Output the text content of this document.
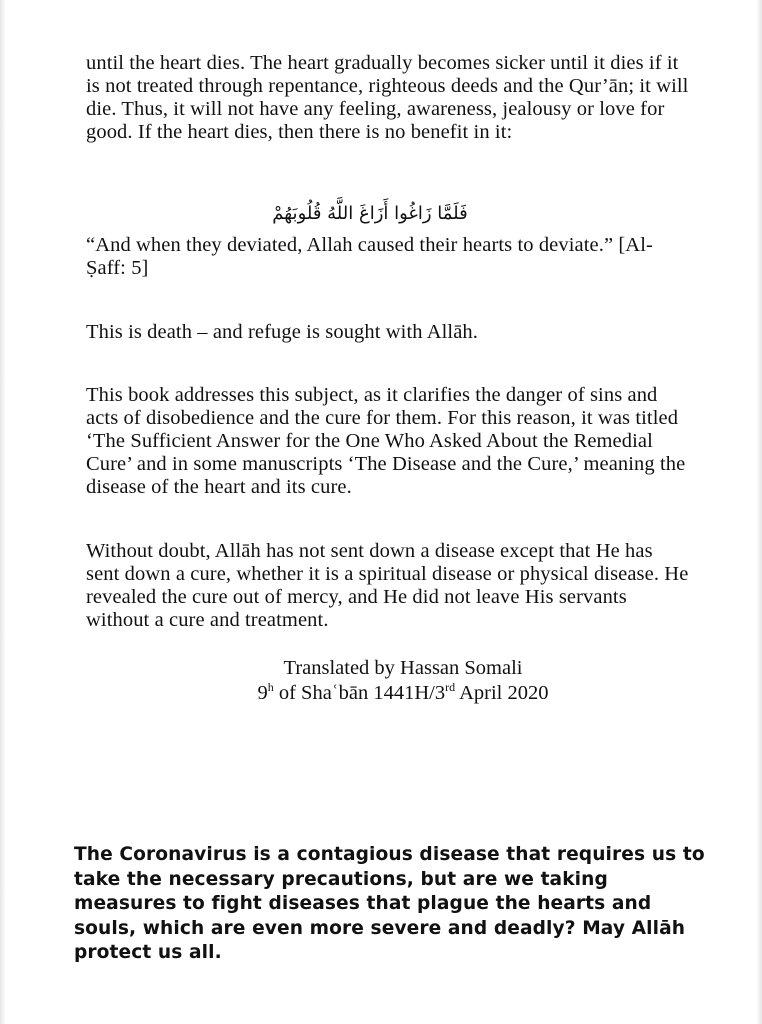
until the heart dies. The heart gradually becomes sicker until it dies if it is not treated through repentance, righteous deeds and the Qur’ān; it will die. Thus, it will not have any feeling, awareness, jealousy or love for good. If the heart dies, then there is no benefit in it:

فَلَمَّا زَاغُوا أَزَاغَ اللَّهُ قُلُوبَهُمْ

“And when they deviated, Allah caused their hearts to deviate.” [Al-Ṣaff: 5]

This is death – and refuge is sought with Allāh.

This book addresses this subject, as it clarifies the danger of sins and acts of disobedience and the cure for them. For this reason, it was titled ‘The Sufficient Answer for the One Who Asked About the Remedial Cure’ and in some manuscripts ‘The Disease and the Cure,’ meaning the disease of the heart and its cure.

Without doubt, Allāh has not sent down a disease except that He has sent down a cure, whether it is a spiritual disease or physical disease. He revealed the cure out of mercy, and He did not leave His servants without a cure and treatment.

Translated by Hassan Somali
9$^h$ of Shaʿbān 1441H/3rd April 2020

The Coronavirus is a contagious disease that requires us to take the necessary precautions, but are we taking measures to fight diseases that plague the hearts and souls, which are even more severe and deadly? May Allāh protect us all.
